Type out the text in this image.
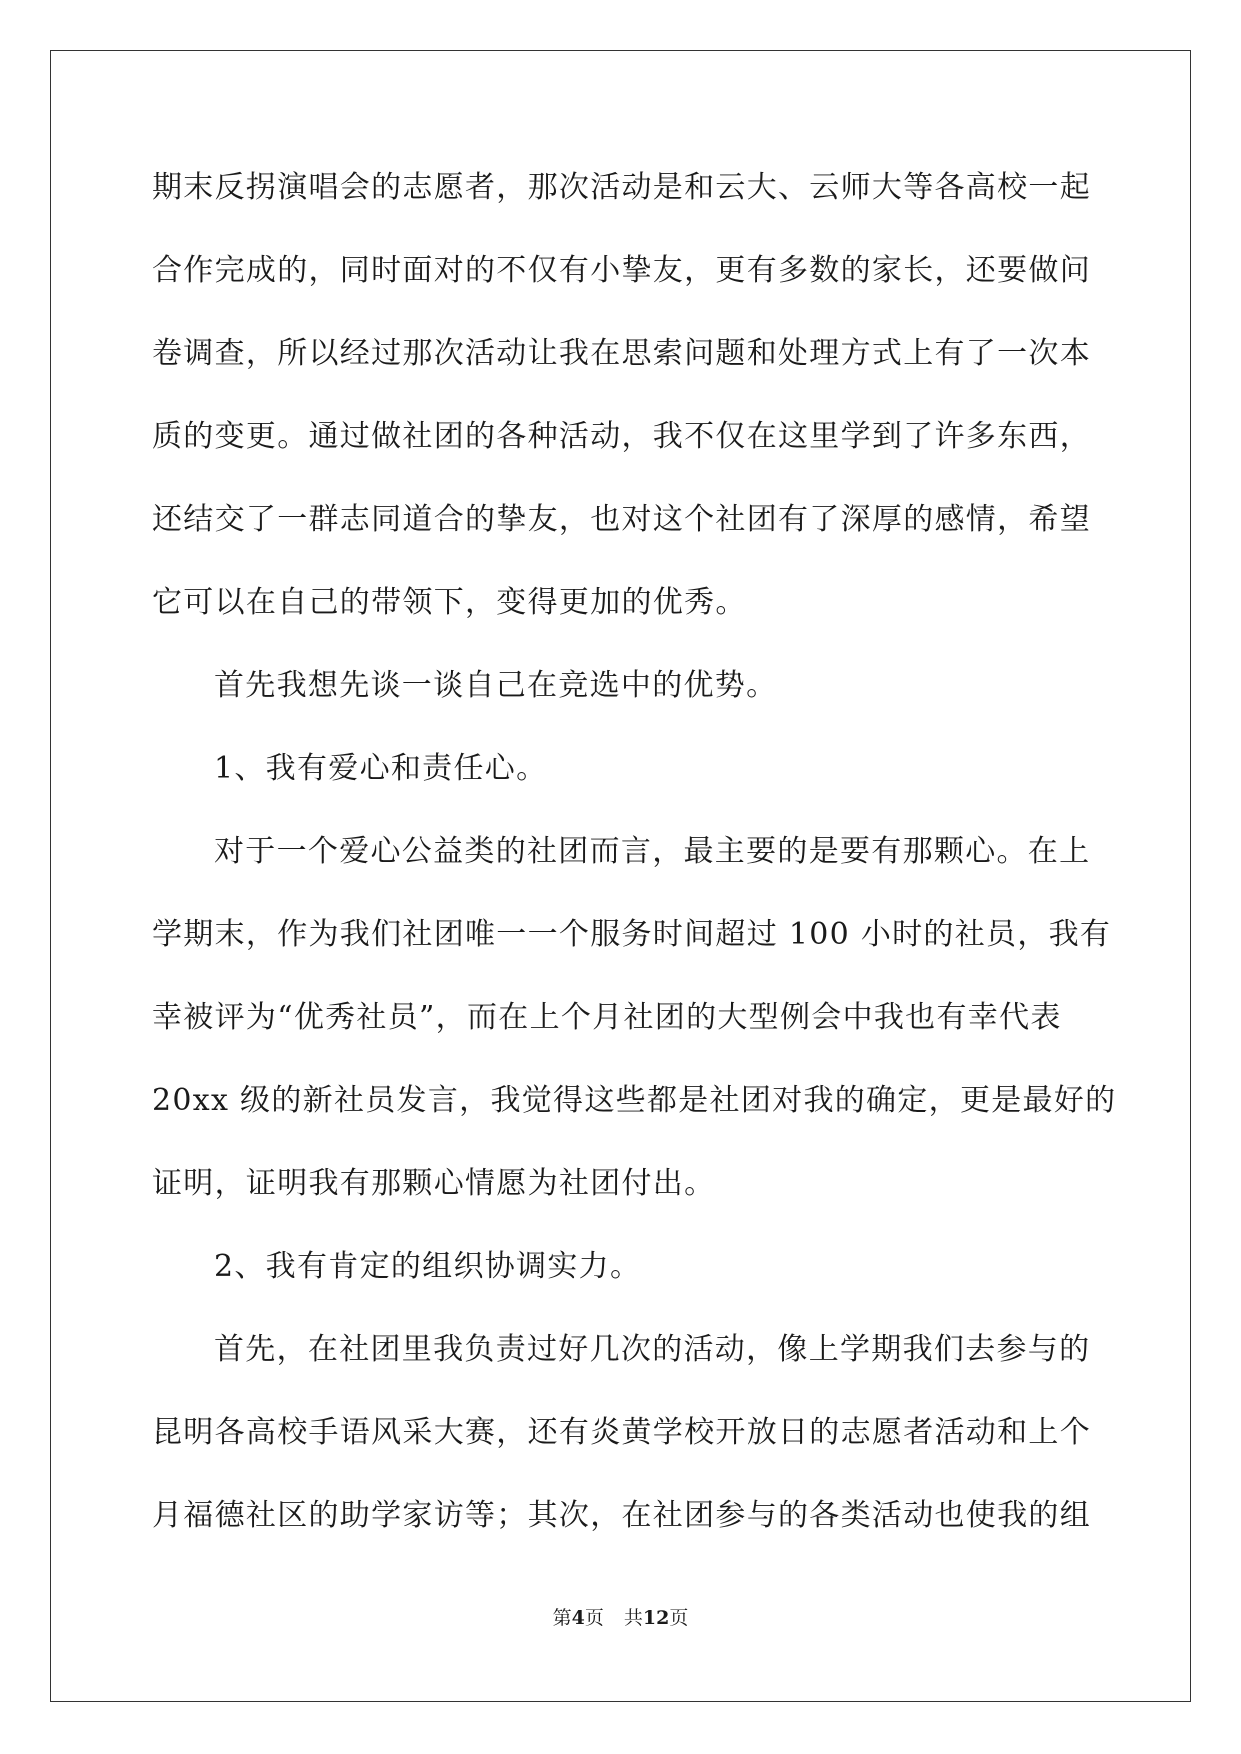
期末反拐演唱会的志愿者，那次活动是和云大、云师大等各高校一起
合作完成的，同时面对的不仅有小挚友，更有多数的家长，还要做问
卷调查，所以经过那次活动让我在思索问题和处理方式上有了一次本
质的变更。通过做社团的各种活动，我不仅在这里学到了许多东西，
还结交了一群志同道合的挚友，也对这个社团有了深厚的感情，希望
它可以在自己的带领下，变得更加的优秀。
首先我想先谈一谈自己在竞选中的优势。
1、我有爱心和责任心。
对于一个爱心公益类的社团而言，最主要的是要有那颗心。在上
学期末，作为我们社团唯一一个服务时间超过 100 小时的社员，我有
幸被评为“优秀社员”，而在上个月社团的大型例会中我也有幸代表
20xx 级的新社员发言，我觉得这些都是社团对我的确定，更是最好的
证明，证明我有那颗心情愿为社团付出。
2、我有肯定的组织协调实力。
首先，在社团里我负责过好几次的活动，像上学期我们去参与的
昆明各高校手语风采大赛，还有炎黄学校开放日的志愿者活动和上个
月福德社区的助学家访等；其次，在社团参与的各类活动也使我的组
第4页 共12页
